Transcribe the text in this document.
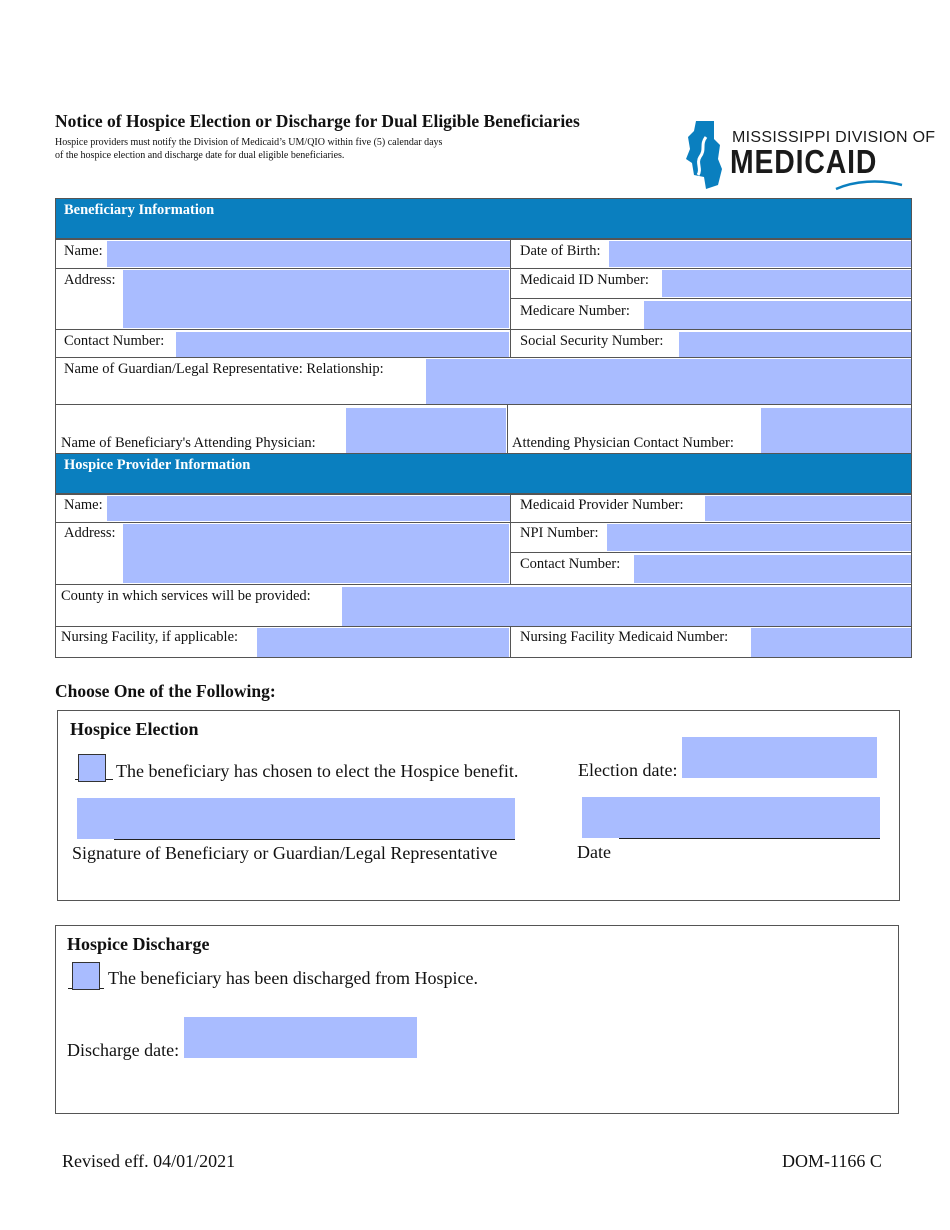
Notice of Hospice Election or Discharge for Dual Eligible Beneficiaries
Hospice providers must notify the Division of Medicaid’s UM/QIO within five (5) calendar days
of the hospice election and discharge date for dual eligible beneficiaries.
MISSISSIPPI DIVISION OF
MEDICAID
Beneficiary Information
Name:	Date of Birth:
Address:	Medicaid ID Number:
Medicare Number:
Contact Number:	Social Security Number:
Name of Guardian/Legal Representative: Relationship:
Name of Beneficiary's Attending Physician:	Attending Physician Contact Number:
Hospice Provider Information
Name:	Medicaid Provider Number:
Address:	NPI Number:
Contact Number:
County in which services will be provided:
Nursing Facility, if applicable:	Nursing Facility Medicaid Number:
Choose One of the Following:
Hospice Election
The beneficiary has chosen to elect the Hospice benefit.	Election date:
Signature of Beneficiary or Guardian/Legal Representative	Date
Hospice Discharge
The beneficiary has been discharged from Hospice.
Discharge date:
Revised eff. 04/01/2021	DOM-1166 C
